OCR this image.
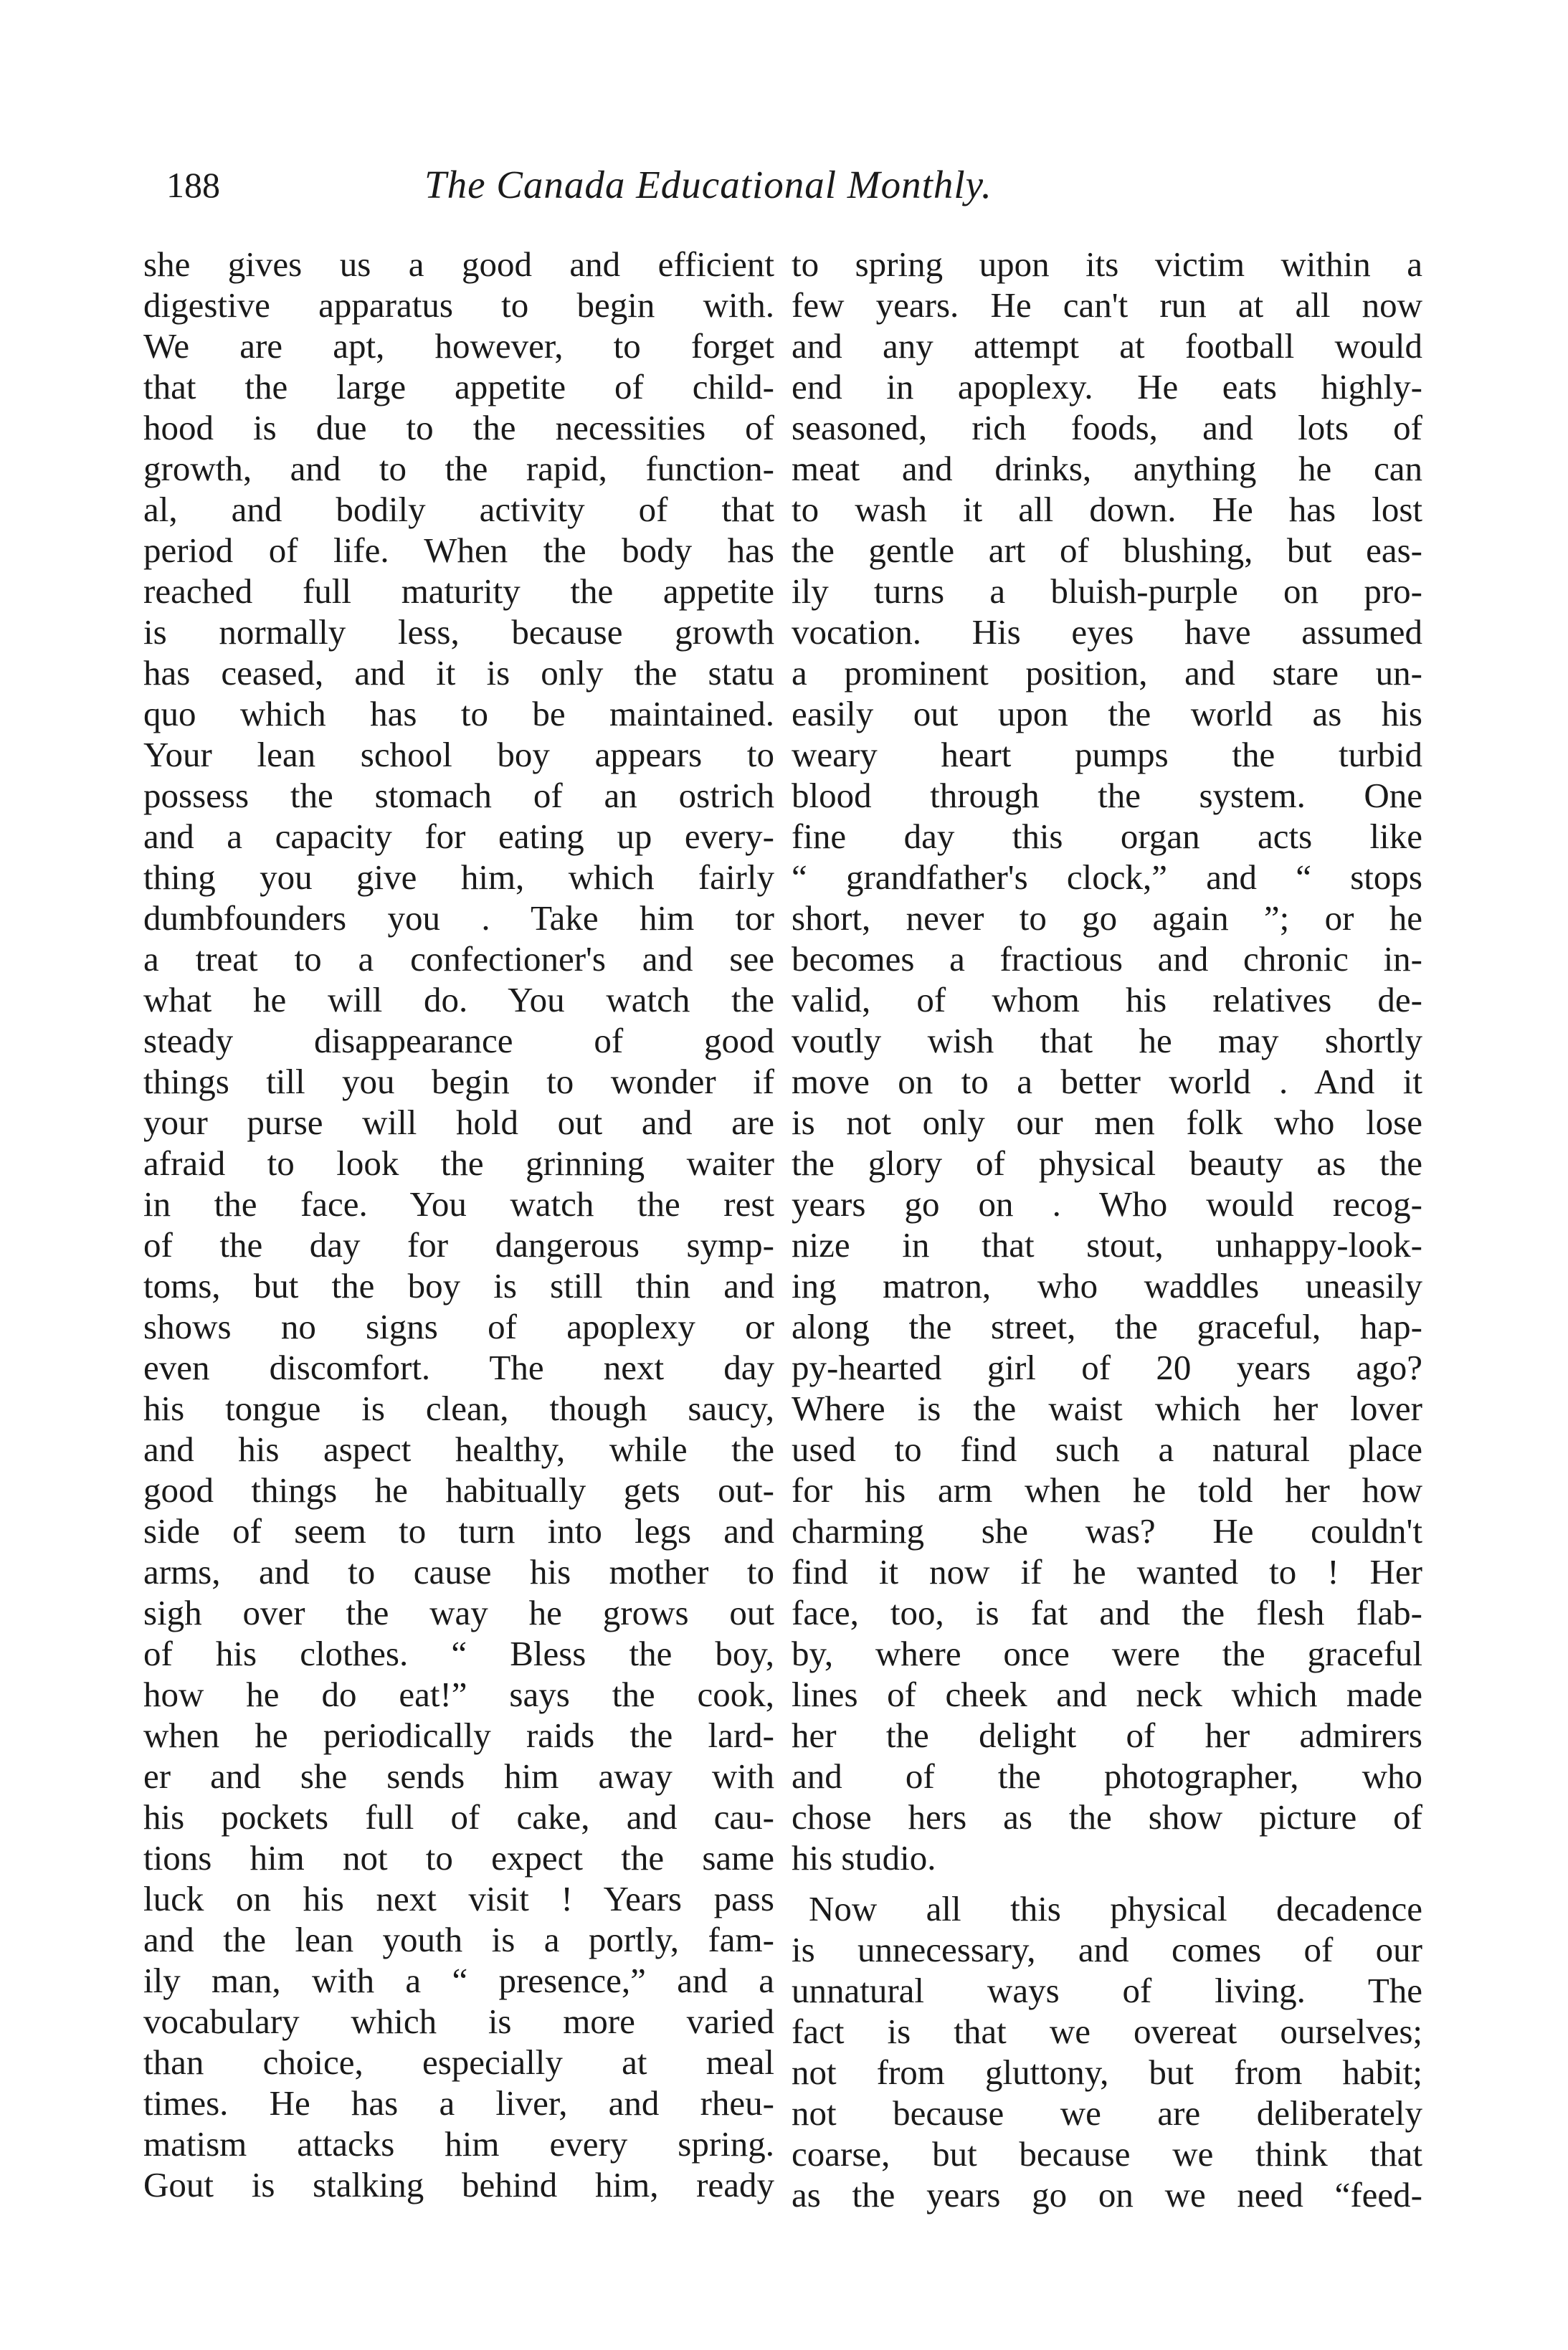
188	The Canada Educational Monthly.
she gives us a good and efficient
digestive apparatus to begin with.
We are apt, however, to forget
that the large appetite of child-
hood is due to the necessities of
growth, and to the rapid, function-
al, and bodily activity of that
period of life. When the body has
reached full maturity the appetite
is normally less, because growth
has ceased, and it is only the statu
quo which has to be maintained.
Your lean school boy appears to
possess the stomach of an ostrich
and a capacity for eating up every-
thing you give him, which fairly
dumbfounders you . Take him tor
a treat to a confectioner's and see
what he will do. You watch the
steady disappearance of good
things till you begin to wonder if
your purse will hold out and are
afraid to look the grinning waiter
in the face. You watch the rest
of the day for dangerous symp-
toms, but the boy is still thin and
shows no signs of apoplexy or
even discomfort. The next day
his tongue is clean, though saucy,
and his aspect healthy, while the
good things he habitually gets out-
side of seem to turn into legs and
arms, and to cause his mother to
sigh over the way he grows out
of his clothes. “ Bless the boy,
how he do eat!” says the cook,
when he periodically raids the lard-
er and she sends him away with
his pockets full of cake, and cau-
tions him not to expect the same
luck on his next visit ! Years pass
and the lean youth is a portly, fam-
ily man, with a “ presence,” and a
vocabulary which is more varied
than choice, especially at meal
times. He has a liver, and rheu-
matism attacks him every spring.
Gout is stalking behind him, ready
to spring upon its victim within a
few years. He can't run at all now
and any attempt at football would
end in apoplexy. He eats highly-
seasoned, rich foods, and lots of
meat and drinks, anything he can
to wash it all down. He has lost
the gentle art of blushing, but eas-
ily turns a bluish-purple on pro-
vocation. His eyes have assumed
a prominent position, and stare un-
easily out upon the world as his
weary heart pumps the turbid
blood through the system. One
fine day this organ acts like
“ grandfather's clock,” and “ stops
short, never to go again ”; or he
becomes a fractious and chronic in-
valid, of whom his relatives de-
voutly wish that he may shortly
move on to a better world . And it
is not only our men folk who lose
the glory of physical beauty as the
years go on . Who would recog-
nize in that stout, unhappy-look-
ing matron, who waddles uneasily
along the street, the graceful, hap-
py-hearted girl of 20 years ago?
Where is the waist which her lover
used to find such a natural place
for his arm when he told her how
charming she was? He couldn't
find it now if he wanted to ! Her
face, too, is fat and the flesh flab-
by, where once were the graceful
lines of cheek and neck which made
her the delight of her admirers
and of the photographer, who
chose hers as the show picture of
his studio.
Now all this physical decadence
is unnecessary, and comes of our
unnatural ways of living. The
fact is that we overeat ourselves;
not from gluttony, but from habit;
not because we are deliberately
coarse, but because we think that
as the years go on we need “feed-
